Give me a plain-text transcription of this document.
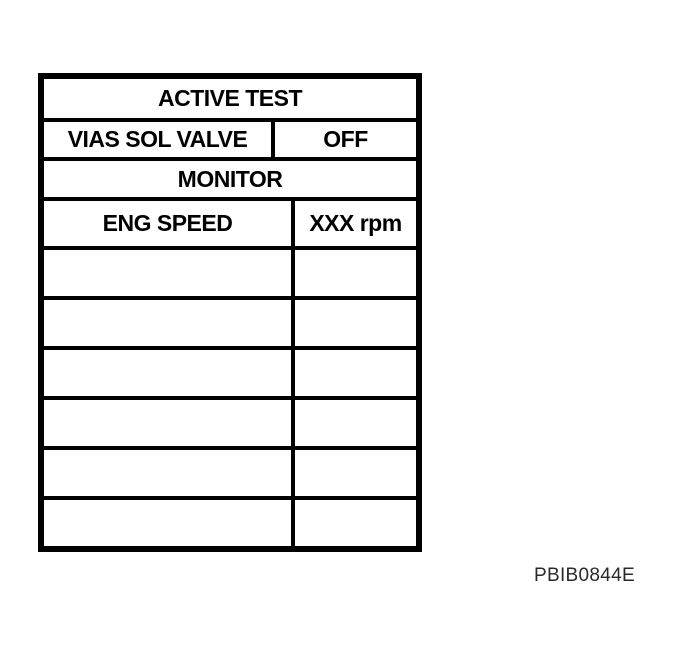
ACTIVE TEST
VIAS SOL VALVE	OFF
MONITOR
ENG SPEED	XXX rpm
PBIB0844E
